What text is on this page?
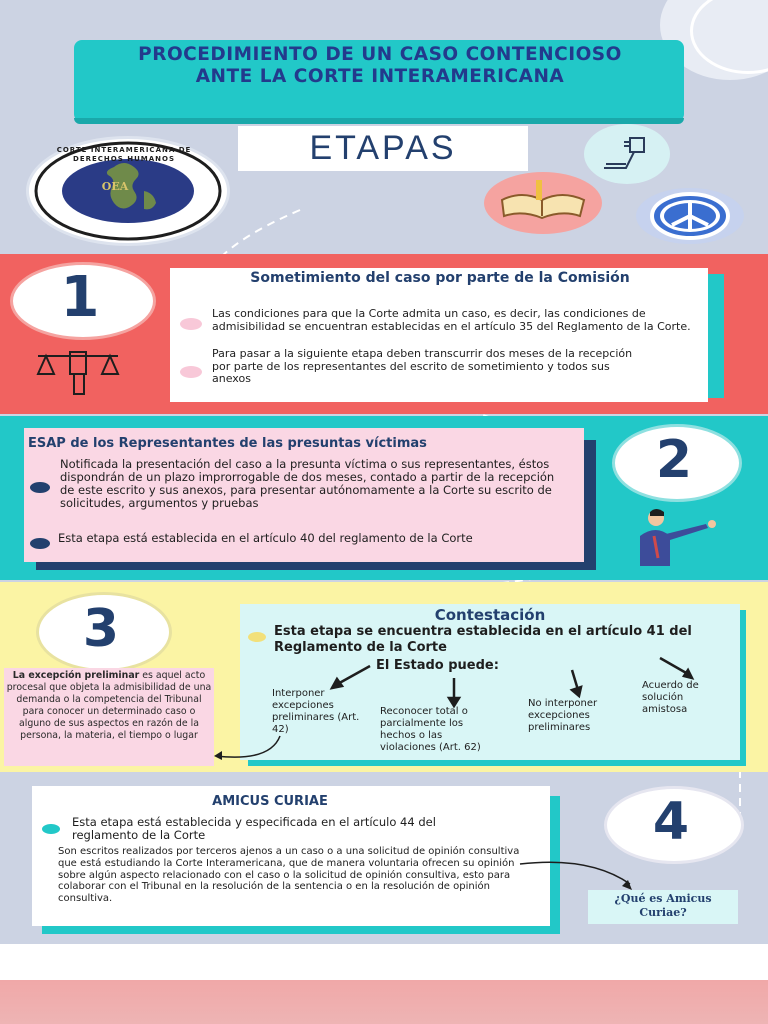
PROCEDIMIENTO DE UN CASO CONTENCIOSO ANTE LA CORTE INTERAMERICANA
ETAPAS
OEA
CORTE INTERAMERICANA DE DERECHOS HUMANOS
1	Sometimiento del caso por parte de la Comisión
Las condiciones para que la Corte admita un caso, es decir, las condiciones de admisibilidad se encuentran establecidas en el artículo 35 del Reglamento de la Corte.
Para pasar a la siguiente etapa deben transcurrir dos meses de la recepción por parte de los representantes del escrito de sometimiento y todos sus anexos
ESAP de los Representantes de las presuntas víctimas
Notificada la presentación del caso a la presunta víctima o sus representantes, éstos dispondrán de un plazo improrrogable de dos meses, contado a partir de la recepción de este escrito y sus anexos, para presentar autónomamente a la Corte su escrito de solicitudes, argumentos y pruebas
Esta etapa está establecida en el artículo 40 del reglamento de la Corte
2
3	Contestación
Esta etapa se encuentra establecida en el artículo 41 del Reglamento de la Corte
El Estado puede:
Interponer excepciones preliminares (Art. 42)
Reconocer total o parcialmente los hechos o las violaciones (Art. 62)
No interponer excepciones preliminares
Acuerdo de solución amistosa
La excepción preliminar es aquel acto procesal que objeta la admisibilidad de una demanda o la competencia del Tribunal para conocer un determinado caso o alguno de sus aspectos en razón de la persona, la materia, el tiempo o lugar
AMICUS CURIAE
Esta etapa está establecida y especificada en el artículo 44 del reglamento de la Corte
Son escritos realizados por terceros ajenos a un caso o a una solicitud de opinión consultiva que está estudiando la Corte Interamericana, que de manera voluntaria ofrecen su opinión sobre algún aspecto relacionado con el caso o la solicitud de opinión consultiva, esto para colaborar con el Tribunal en la resolución de la sentencia o en la resolución de opinión consultiva.
4
¿Qué es Amicus Curiae?
